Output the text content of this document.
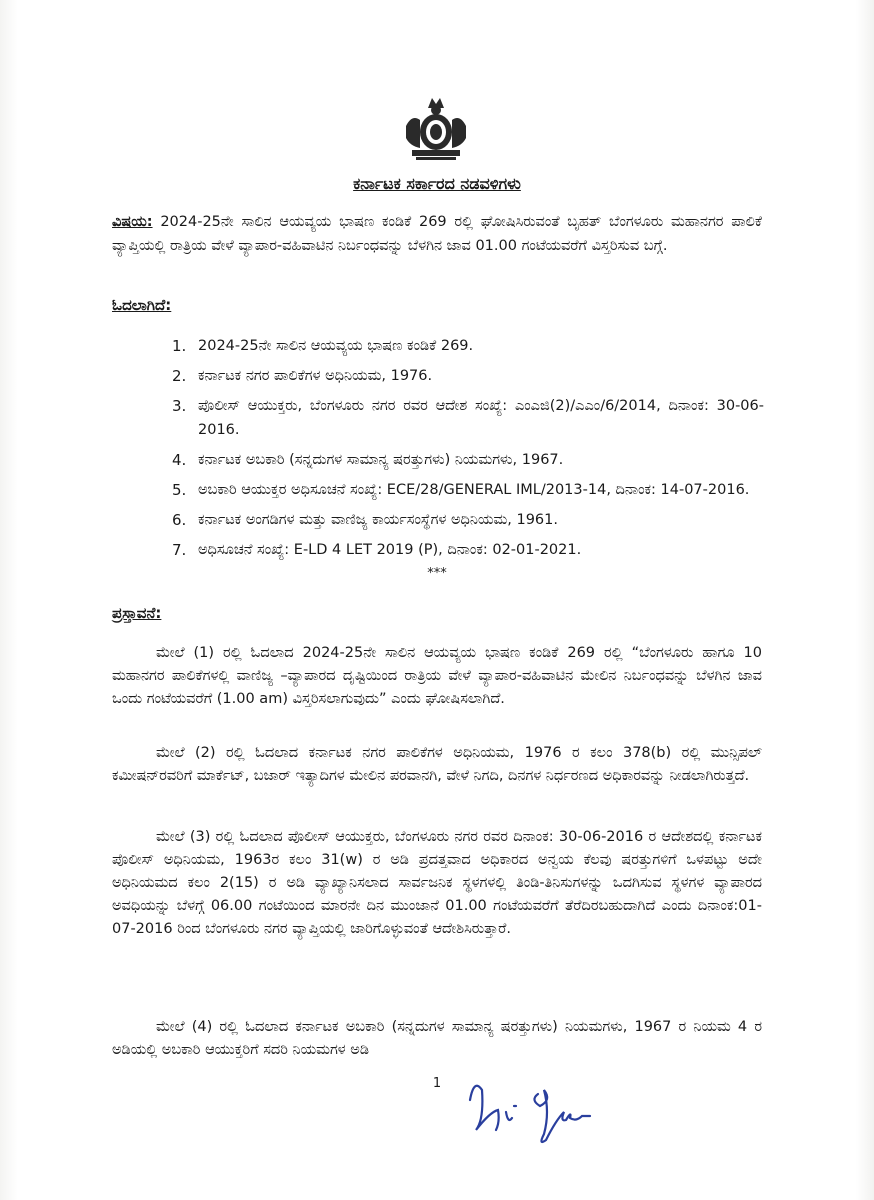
ಕರ್ನಾಟಕ ಸರ್ಕಾರದ ನಡವಳಿಗಳು
ವಿಷಯ: 2024-25ನೇ ಸಾಲಿನ ಆಯವ್ಯಯ ಭಾಷಣ ಕಂಡಿಕೆ 269 ರಲ್ಲಿ ಘೋಷಿಸಿರುವಂತೆ ಬೃಹತ್ ಬೆಂಗಳೂರು ಮಹಾನಗರ ಪಾಲಿಕೆ ವ್ಯಾಪ್ತಿಯಲ್ಲಿ ರಾತ್ರಿಯ ವೇಳೆ ವ್ಯಾಪಾರ-ವಹಿವಾಟಿನ ನಿರ್ಬಂಧವನ್ನು ಬೆಳಗಿನ ಜಾವ 01.00 ಗಂಟೆಯವರೆಗೆ ವಿಸ್ತರಿಸುವ ಬಗ್ಗೆ.
ಓದಲಾಗಿದೆ:
1. 2024-25ನೇ ಸಾಲಿನ ಆಯವ್ಯಯ ಭಾಷಣ ಕಂಡಿಕೆ 269.
2. ಕರ್ನಾಟಕ ನಗರ ಪಾಲಿಕೆಗಳ ಅಧಿನಿಯಮ, 1976.
3. ಪೊಲೀಸ್ ಆಯುಕ್ತರು, ಬೆಂಗಳೂರು ನಗರ ರವರ ಆದೇಶ ಸಂಖ್ಯೆ: ಎಂಎಜಿ(2)/ಎಎಂ/6/2014, ದಿನಾಂಕ: 30-06-2016.
4. ಕರ್ನಾಟಕ ಅಬಕಾರಿ (ಸನ್ನದುಗಳ ಸಾಮಾನ್ಯ ಷರತ್ತುಗಳು) ನಿಯಮಗಳು, 1967.
5. ಅಬಕಾರಿ ಆಯುಕ್ತರ ಅಧಿಸೂಚನೆ ಸಂಖ್ಯೆ: ECE/28/GENERAL IML/2013-14, ದಿನಾಂಕ: 14-07-2016.
6. ಕರ್ನಾಟಕ ಅಂಗಡಿಗಳ ಮತ್ತು ವಾಣಿಜ್ಯ ಕಾರ್ಯಸಂಸ್ಥೆಗಳ ಅಧಿನಿಯಮ, 1961.
7. ಅಧಿಸೂಚನೆ ಸಂಖ್ಯೆ: E-LD 4 LET 2019 (P), ದಿನಾಂಕ: 02-01-2021.
***
ಪ್ರಸ್ತಾವನೆ:
ಮೇಲೆ (1) ರಲ್ಲಿ ಓದಲಾದ 2024-25ನೇ ಸಾಲಿನ ಆಯವ್ಯಯ ಭಾಷಣ ಕಂಡಿಕೆ 269 ರಲ್ಲಿ “ಬೆಂಗಳೂರು ಹಾಗೂ 10 ಮಹಾನಗರ ಪಾಲಿಕೆಗಳಲ್ಲಿ ವಾಣಿಜ್ಯ –ವ್ಯಾಪಾರದ ದೃಷ್ಟಿಯಿಂದ ರಾತ್ರಿಯ ವೇಳೆ ವ್ಯಾಪಾರ-ವಹಿವಾಟಿನ ಮೇಲಿನ ನಿರ್ಬಂಧವನ್ನು ಬೆಳಗಿನ ಜಾವ ಒಂದು ಗಂಟೆಯವರೆಗೆ (1.00 am) ವಿಸ್ತರಿಸಲಾಗುವುದು” ಎಂದು ಘೋಷಿಸಲಾಗಿದೆ.
ಮೇಲೆ (2) ರಲ್ಲಿ ಓದಲಾದ ಕರ್ನಾಟಕ ನಗರ ಪಾಲಿಕೆಗಳ ಅಧಿನಿಯಮ, 1976 ರ ಕಲಂ 378(b) ರಲ್ಲಿ ಮುನ್ಸಿಪಲ್ ಕಮೀಷನ್‌ರವರಿಗೆ ಮಾರ್ಕೆಟ್, ಬಜಾರ್ ಇತ್ಯಾದಿಗಳ ಮೇಲಿನ ಪರವಾನಗಿ, ವೇಳೆ ನಿಗದಿ, ದಿನಗಳ ನಿರ್ಧರಣದ ಅಧಿಕಾರವನ್ನು ನೀಡಲಾಗಿರುತ್ತದೆ.
ಮೇಲೆ (3) ರಲ್ಲಿ ಓದಲಾದ ಪೊಲೀಸ್ ಆಯುಕ್ತರು, ಬೆಂಗಳೂರು ನಗರ ರವರ ದಿನಾಂಕ: 30-06-2016 ರ ಆದೇಶದಲ್ಲಿ ಕರ್ನಾಟಕ ಪೊಲೀಸ್ ಅಧಿನಿಯಮ, 1963ರ ಕಲಂ 31(w) ರ ಅಡಿ ಪ್ರದತ್ತವಾದ ಅಧಿಕಾರದ ಅನ್ವಯ ಕೆಲವು ಷರತ್ತುಗಳಿಗೆ ಒಳಪಟ್ಟು ಅದೇ ಅಧಿನಿಯಮದ ಕಲಂ 2(15) ರ ಅಡಿ ವ್ಯಾಖ್ಯಾನಿಸಲಾದ ಸಾರ್ವಜನಿಕ ಸ್ಥಳಗಳಲ್ಲಿ ತಿಂಡಿ-ತಿನಿಸುಗಳನ್ನು ಒದಗಿಸುವ ಸ್ಥಳಗಳ ವ್ಯಾಪಾರದ ಅವಧಿಯನ್ನು ಬೆಳಗ್ಗೆ 06.00 ಗಂಟೆಯಿಂದ ಮಾರನೇ ದಿನ ಮುಂಜಾನೆ 01.00 ಗಂಟೆಯವರೆಗೆ ತೆರೆದಿರಬಹುದಾಗಿದೆ ಎಂದು ದಿನಾಂಕ:01-07-2016 ರಿಂದ ಬೆಂಗಳೂರು ನಗರ ವ್ಯಾಪ್ತಿಯಲ್ಲಿ ಜಾರಿಗೊಳ್ಳುವಂತೆ ಆದೇಶಿಸಿರುತ್ತಾರೆ.
ಮೇಲೆ (4) ರಲ್ಲಿ ಓದಲಾದ ಕರ್ನಾಟಕ ಅಬಕಾರಿ (ಸನ್ನದುಗಳ ಸಾಮಾನ್ಯ ಷರತ್ತುಗಳು) ನಿಯಮಗಳು, 1967 ರ ನಿಯಮ 4 ರ ಅಡಿಯಲ್ಲಿ ಅಬಕಾರಿ ಆಯುಕ್ತರಿಗೆ ಸದರಿ ನಿಯಮಗಳ ಅಡಿ
1
